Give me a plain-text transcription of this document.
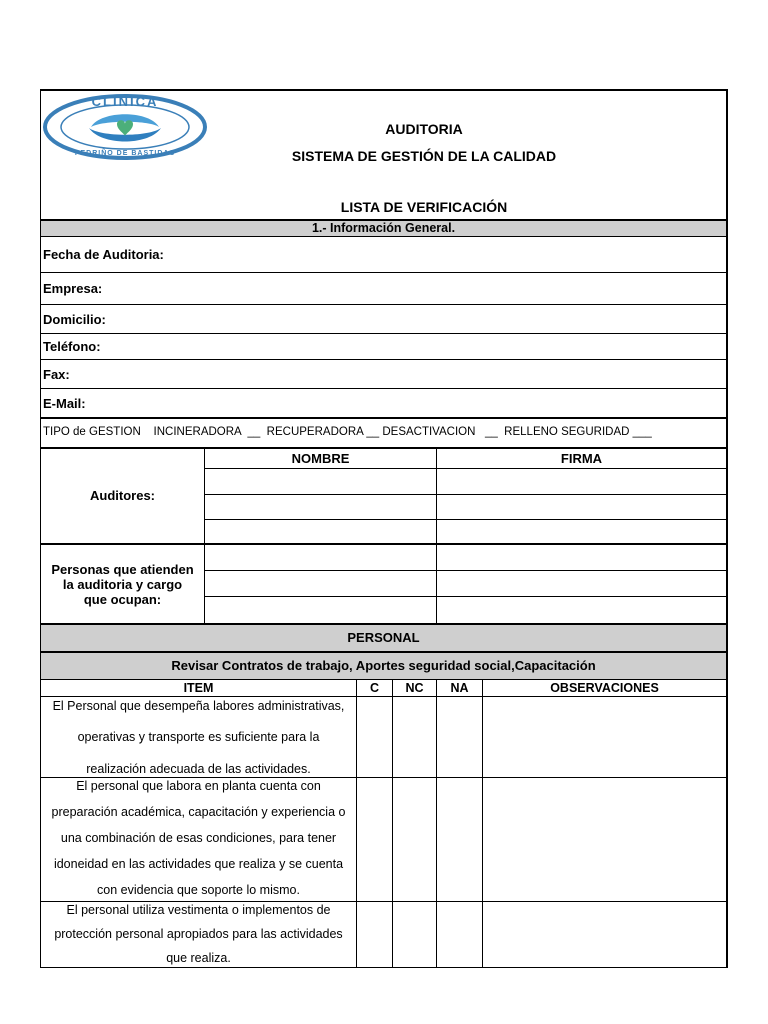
CLINICA
PEDRIÑO DE BASTIDAS
AUDITORIA
SISTEMA DE GESTIÓN DE LA CALIDAD
LISTA DE VERIFICACIÓN
1.- Información General.
Fecha de Auditoria:
Empresa:
Domicilio:
Teléfono:
Fax:
E-Mail:
TIPO de GESTION    INCINERADORA  __  RECUPERADORA __ DESACTIVACION   __  RELLENO SEGURIDAD ___
NOMBRE	FIRMA
Auditores:
Personas que atienden
la auditoria y cargo
que ocupan:
PERSONAL
Revisar Contratos de trabajo, Aportes seguridad social,Capacitación
ITEM	C	NC	NA	OBSERVACIONES
El Personal que desempeña labores administrativas,
operativas y transporte es suficiente para la
realización adecuada de las actividades.
El personal que labora en planta cuenta con
preparación académica, capacitación y experiencia o
una combinación de esas condiciones, para tener
idoneidad en las actividades que realiza y se cuenta
con evidencia que soporte lo mismo.
El personal utiliza vestimenta o implementos de
protección personal apropiados para las actividades
que realiza.
